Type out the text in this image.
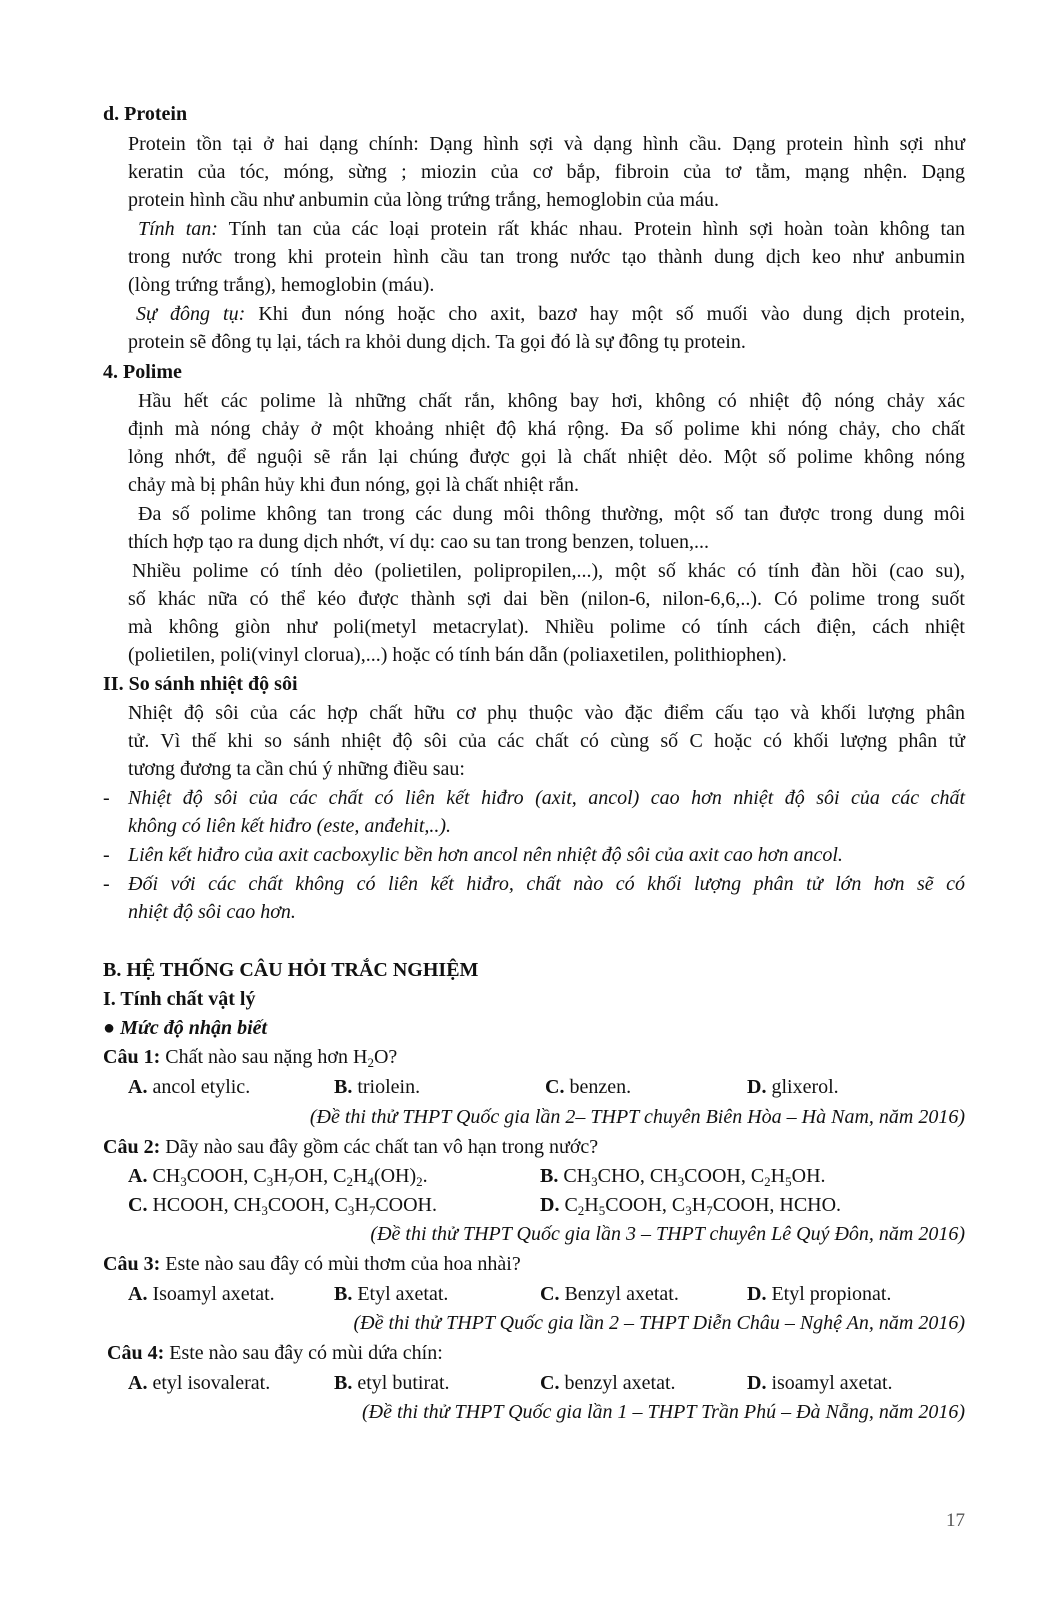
d. Protein
Protein tồn tại ở hai dạng chính: Dạng hình sợi và dạng hình cầu. Dạng protein hình sợi như
keratin của tóc, móng, sừng ; miozin của cơ bắp, fibroin của tơ tằm, mạng nhện. Dạng
protein hình cầu như anbumin của lòng trứng trắng, hemoglobin của máu.
Tính tan: Tính tan của các loại protein rất khác nhau. Protein hình sợi hoàn toàn không tan
trong nước trong khi protein hình cầu tan trong nước tạo thành dung dịch keo như anbumin
(lòng trứng trắng), hemoglobin (máu).
Sự đông tụ: Khi đun nóng hoặc cho axit, bazơ hay một số muối vào dung dịch protein,
protein sẽ đông tụ lại, tách ra khỏi dung dịch. Ta gọi đó là sự đông tụ protein.
4. Polime
Hầu hết các polime là những chất rắn, không bay hơi, không có nhiệt độ nóng chảy xác
định mà nóng chảy ở một khoảng nhiệt độ khá rộng. Đa số polime khi nóng chảy, cho chất
lỏng nhớt, để nguội sẽ rắn lại chúng được gọi là chất nhiệt dẻo. Một số polime không nóng
chảy mà bị phân hủy khi đun nóng, gọi là chất nhiệt rắn.
Đa số polime không tan trong các dung môi thông thường, một số tan được trong dung môi
thích hợp tạo ra dung dịch nhớt, ví dụ: cao su tan trong benzen, toluen,...
Nhiều polime có tính dẻo (polietilen, polipropilen,...), một số khác có tính đàn hồi (cao su),
số khác nữa có thể kéo được thành sợi dai bền (nilon-6, nilon-6,6,..). Có polime trong suốt
mà không giòn như poli(metyl metacrylat). Nhiều polime có tính cách điện, cách nhiệt
(polietilen, poli(vinyl clorua),...) hoặc có tính bán dẫn (poliaxetilen, polithiophen).
II. So sánh nhiệt độ sôi
Nhiệt độ sôi của các hợp chất hữu cơ phụ thuộc vào đặc điểm cấu tạo và khối lượng phân
tử. Vì thế khi so sánh nhiệt độ sôi của các chất có cùng số C hoặc có khối lượng phân tử
tương đương ta cần chú ý những điều sau:
- Nhiệt độ sôi của các chất có liên kết hiđro (axit, ancol) cao hơn nhiệt độ sôi của các chất
không có liên kết hiđro (este, anđehit,..).
- Liên kết hiđro của axit cacboxylic bền hơn ancol nên nhiệt độ sôi của axit cao hơn ancol.
- Đối với các chất không có liên kết hiđro, chất nào có khối lượng phân tử lớn hơn sẽ có
nhiệt độ sôi cao hơn.
B. HỆ THỐNG CÂU HỎI TRẮC NGHIỆM
I. Tính chất vật lý
● Mức độ nhận biết
Câu 1: Chất nào sau nặng hơn $H_2O$?
A. ancol etylic.	B. triolein.	C. benzen.	D. glixerol.
(Đề thi thử THPT Quốc gia lần 2– THPT chuyên Biên Hòa – Hà Nam, năm 2016)
Câu 2: Dãy nào sau đây gồm các chất tan vô hạn trong nước?
A. $CH_3COOH$, $C_3H_7OH$, $C_2H_4(OH)_2$.	B. $CH_3CHO$, $CH_3COOH$, $C_2H_5OH$.
C. HCOOH, $CH_3COOH$, $C_3H_7COOH$.	D. $C_2H_5COOH$, $C_3H_7COOH$, HCHO.
(Đề thi thử THPT Quốc gia lần 3 – THPT chuyên Lê Quý Đôn, năm 2016)
Câu 3: Este nào sau đây có mùi thơm của hoa nhài?
A. Isoamyl axetat.	B. Etyl axetat.	C. Benzyl axetat.	D. Etyl propionat.
(Đề thi thử THPT Quốc gia lần 2 – THPT Diễn Châu – Nghệ An, năm 2016)
Câu 4: Este nào sau đây có mùi dứa chín:
A. etyl isovalerat.	B. etyl butirat.	C. benzyl axetat.	D. isoamyl axetat.
(Đề thi thử THPT Quốc gia lần 1 – THPT Trần Phú – Đà Nẵng, năm 2016)
17
